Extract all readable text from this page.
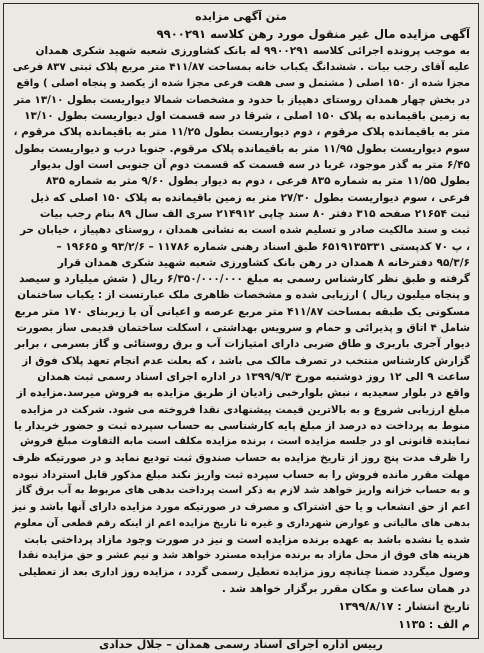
متن آگهی مزایده
آگهی مزایده مال غیر منقول مورد رهن کلاسه ۹۹۰۰۲۹۱
به موجب پرونده اجرائی کلاسه ۹۹۰۰۲۹۱ له بانک کشاورزی شعبه شهید شکری همدان
علیه آقای رجب بیات . ششدانگ یکباب خانه بمساحت ۴۱۱/۸۷ متر مربع پلاک ثبتی ۸۳۷ فرعی
مجزا شده از ۱۵۰ اصلی ( مشتمل و سی هفت فرعی مجزا شده از یکصد و پنجاه اصلی ) واقع
در بخش چهار همدان روستای دهپیاز با حدود و مشخصات شمالا دیواریست بطول ۱۳/۱۰ متر
به زمین باقیمانده به پلاک ۱۵۰ اصلی ، شرقا در سه قسمت اول دیواریست بطول ۱۳/۱۰
متر به باقیمانده پلاک مرقوم ، دوم دیواریست بطول ۱۱/۲۵ متر به باقیمانده پلاک مرقوم ،
سوم دیواریست بطول ۱۱/۹۵ متر به باقیمانده پلاک مرقوم. جنوبا درب و دیواریست بطول
۶/۴۵ متر به گذر موجود، غربا در سه قسمت که قسمت دوم آن جنوبی است اول بدیوار
بطول ۱۱/۵۵ متر به شماره ۸۳۵ فرعی ، دوم به دیوار بطول ۹/۶۰ متر به شماره ۸۳۵
فرعی ، سوم دیواریست بطول ۲۷/۳۰ متر به زمین باقیمانده به پلاک ۱۵۰ اصلی که ذیل
ثبت ۲۱۶۵۴ صفحه ۳۱۵ دفتر ۸۰ سند چاپی ۲۱۴۹۱۲ سری الف سال ۸۹ بنام رجب بیات
ثبت و سند مالکیت صادر و تسلیم شده است به نشانی همدان ، روستای دهپیاز ، خیابان حر
، پ ۷۰ کدپستی ۶۵۱۹۱۳۵۳۳۱ طبق اسناد رهنی شماره ۱۱۷۸۶ – ۹۳/۲/۶ و ۱۹۶۶۵ –
۹۵/۳/۶ دفترخانه ۸ همدان در رهن بانک کشاورزی شعبه شهید شکری همدان قرار
گرفته و طبق نظر کارشناس رسمی به مبلغ ۶/۳۵۰/۰۰۰/۰۰۰ ریال ( شش میلیارد و سیصد
و پنجاه میلیون ریال ) ارزیابی شده و مشخصات ظاهری ملک عبارتست از : یکباب ساختمان
مسکونی یک طبقه بمساحت ۴۱۱/۸۷ متر مربع عرصه و اعیانی آن با زیربنای ۱۷۰ متر مربع
شامل ۴ اتاق و پذیرائی و حمام و سرویس بهداشتی ، اسکلت ساختمان قدیمی ساز بصورت
دیوار آجری باربری و طاق ضربی دارای امتیازات آب و برق روستائی و گاز بسرمی ، برابر
گزارش کارشناس منتخب در تصرف مالک می باشد ، که بعلت عدم انجام تعهد پلاک فوق از
ساعت ۹ الی ۱۲ روز دوشنبه مورخ ۱۳۹۹/۹/۳ در اداره اجرای اسناد رسمی ثبت همدان
واقع در بلوار سعیدیه ، نبش بلوارخبی زادیان از طریق مزایده به فروش میرسد.مزایده از
مبلغ ارزیابی شروع و به بالاترین قیمت پیشنهادی نقدا فروخته می شود. شرکت در مزایده
منوط به پرداخت ده درصد از مبلغ پایه کارشناسی به حساب سپرده ثبت و حضور خریدار یا
نماینده قانونی او در جلسه مزایده است ، برنده مزایده مکلف است مابه التفاوت مبلغ فروش
را ظرف مدت پنج روز از تاریخ مزایده به حساب صندوق ثبت تودیع نماید و در صورتیکه ظرف
مهلت مقرر مانده فروش را به حساب سپرده ثبت واریز نکند مبلغ مذکور قابل استرداد نبوده
و به حساب خزانه واریز خواهد شد لازم به ذکر است پرداخت بدهی های مربوط به آب برق گاز
اعم از حق انشعاب و یا حق اشتراک و مصرف در صورتیکه مورد مزایده دارای آنها باشد و نیز
بدهی های مالیاتی و عوارض شهرداری و غیره تا تاریخ مزایده اعم از اینکه رقم قطعی آن معلوم
شده یا نشده باشد به عهده برنده مزایده است و نیز در صورت وجود مازاد پرداختی بابت
هزینه های فوق از محل مازاد به برنده مزایده مسترد خواهد شد و نیم عشر و حق مزایده نقدا
وصول میگردد ضمنا چنانچه روز مزایده تعطیل رسمی گردد ، مزایده روز اداری بعد از تعطیلی
در همان ساعت و مکان مقرر برگزار خواهد شد .
تاریخ انتشار : ۱۳۹۹/۸/۱۷
م الف : ۱۱۳۵
رییس اداره اجرای اسناد رسمی همدان – جلال حدادی
